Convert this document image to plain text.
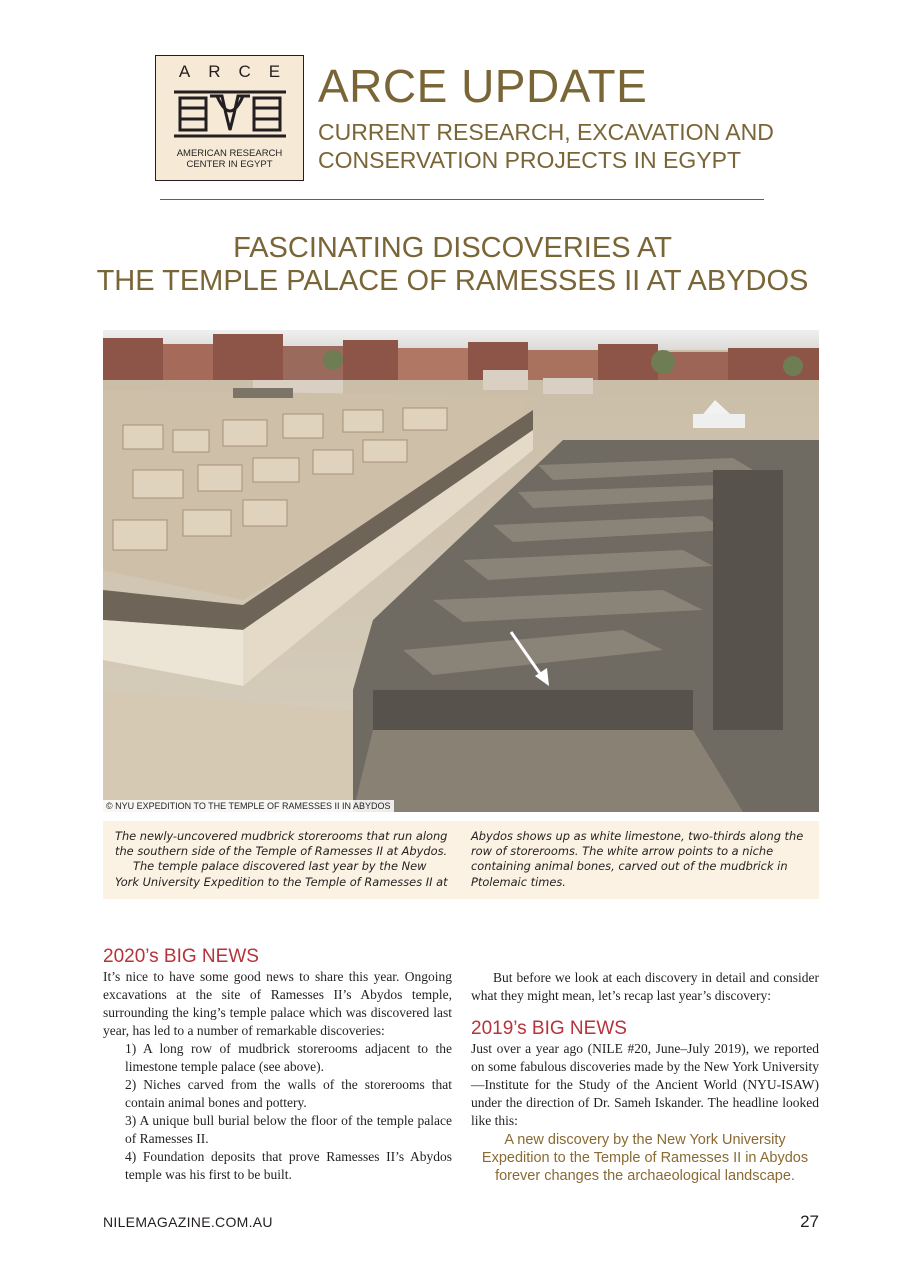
ARCE
AMERICAN RESEARCH
CENTER IN EGYPT
ARCE UPDATE
CURRENT RESEARCH, EXCAVATION AND
CONSERVATION PROJECTS IN EGYPT
FASCINATING DISCOVERIES AT
THE TEMPLE PALACE OF RAMESSES II AT ABYDOS
© NYU EXPEDITION TO THE TEMPLE OF RAMESSES II IN ABYDOS
The newly-uncovered mudbrick storerooms that run along the southern side of the Temple of Ramesses II at Abydos.
The temple palace discovered last year by the New York University Expedition to the Temple of Ramesses II at
Abydos shows up as white limestone, two-thirds along the row of storerooms. The white arrow points to a niche containing animal bones, carved out of the mudbrick in Ptolemaic times.
2020’s BIG NEWS
It’s nice to have some good news to share this year. Ongoing excavations at the site of Ramesses II’s Abydos temple, surrounding the king’s temple palace which was discovered last year, has led to a number of remarkable discoveries:
1) A long row of mudbrick storerooms adjacent to the limestone temple palace (see above).
2) Niches carved from the walls of the storerooms that contain animal bones and pottery.
3) A unique bull burial below the floor of the temple palace of Ramesses II.
4) Foundation deposits that prove Ramesses II’s Abydos temple was his first to be built.
But before we look at each discovery in detail and consider what they might mean, let’s recap last year’s discovery:
2019’s BIG NEWS
Just over a year ago (NILE #20, June–July 2019), we reported on some fabulous discoveries made by the New York University—Institute for the Study of the Ancient World (NYU-ISAW) under the direction of Dr. Sameh Iskander. The headline looked like this:
A new discovery by the New York University
Expedition to the Temple of Ramesses II in Abydos
forever changes the archaeological landscape.
NILEMAGAZINE.COM.AU	27
